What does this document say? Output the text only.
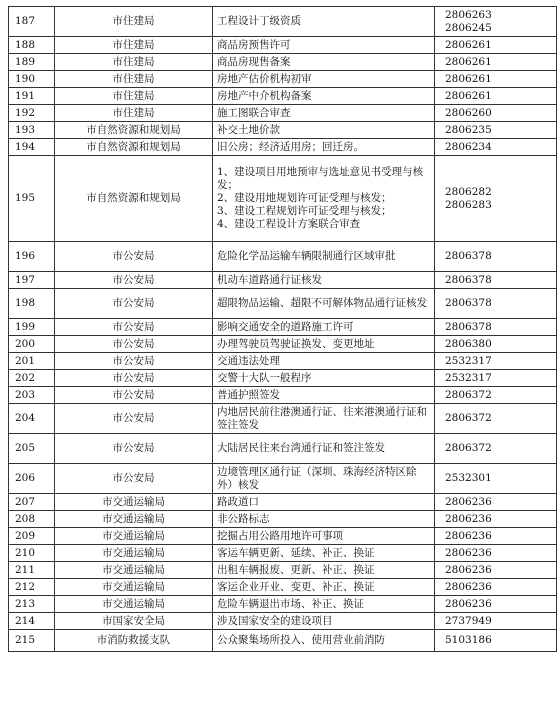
187	市住建局	工程设计丁级资质	2806263
2806245

188	市住建局	商品房预售许可	2806261

189	市住建局	商品房现售备案	2806261

190	市住建局	房地产估价机构初审	2806261

191	市住建局	房地产中介机构备案	2806261

192	市住建局	施工图联合审查	2806260

193	市自然资源和规划局	补交土地价款	2806235

194	市自然资源和规划局	旧公房；经济适用房；回迁房。	2806234

195	市自然资源和规划局	1、建设项目用地预审与选址意见书受理与核发；
2、建设用地规划许可证受理与核发；
3、建设工程规划许可证受理与核发；
4、建设工程设计方案联合审查	2806282
2806283

196	市公安局	危险化学品运输车辆限制通行区域审批	2806378

197	市公安局	机动车道路通行证核发	2806378

198	市公安局	超限物品运输、超限不可解体物品通行证核发	2806378

199	市公安局	影响交通安全的道路施工许可	2806378

200	市公安局	办理驾驶员驾驶证换发、变更地址	2806380

201	市公安局	交通违法处理	2532317

202	市公安局	交警十大队一般程序	2532317

203	市公安局	普通护照签发	2806372

204	市公安局	内地居民前往港澳通行证、往来港澳通行证和签注签发	2806372

205	市公安局	大陆居民往来台湾通行证和签注签发	2806372

206	市公安局	边境管理区通行证（深圳、珠海经济特区除外）核发	2532301

207	市交通运输局	路政道口	2806236

208	市交通运输局	非公路标志	2806236

209	市交通运输局	挖掘占用公路用地许可事项	2806236

210	市交通运输局	客运车辆更新、延续、补正、换证	2806236

211	市交通运输局	出租车辆报废、更新、补正、换证	2806236

212	市交通运输局	客运企业开业、变更、补正、换证	2806236

213	市交通运输局	危险车辆退出市场、补正、换证	2806236

214	市国家安全局	涉及国家安全的建设项目	2737949

215	市消防救援支队	公众聚集场所投入、使用营业前消防	5103186
